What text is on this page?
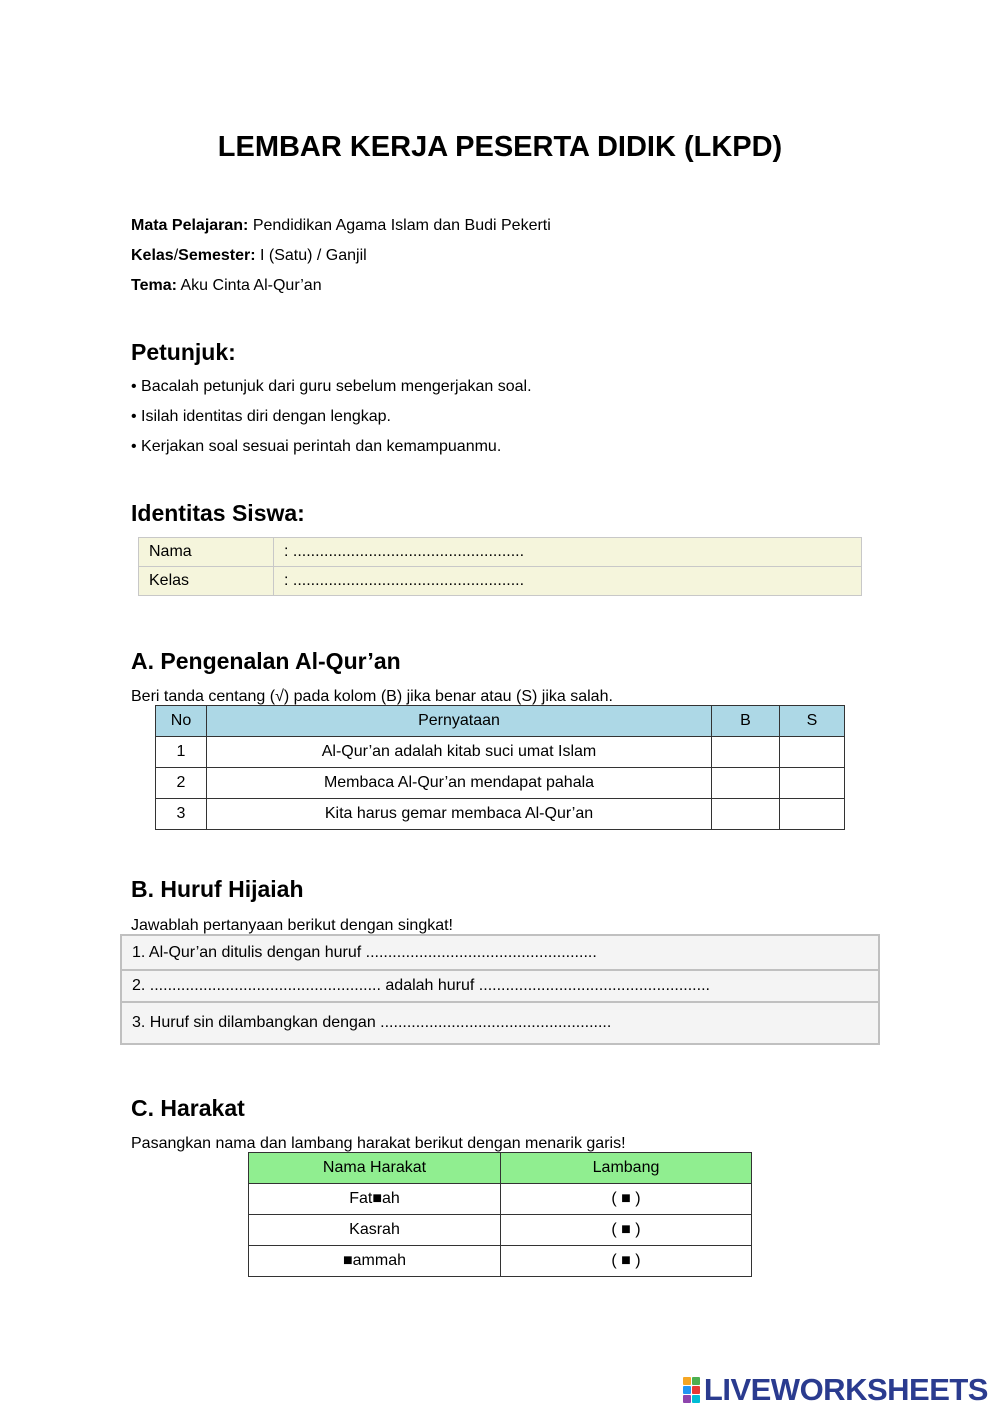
LEMBAR KERJA PESERTA DIDIK (LKPD)
Mata Pelajaran: Pendidikan Agama Islam dan Budi Pekerti
Kelas/Semester: I (Satu) / Ganjil
Tema: Aku Cinta Al-Qur’an
Petunjuk:
• Bacalah petunjuk dari guru sebelum mengerjakan soal.
• Isilah identitas diri dengan lengkap.
• Kerjakan soal sesuai perintah dan kemampuanmu.
Identitas Siswa:
Nama	: ....................................................
Kelas	: ....................................................
A. Pengenalan Al-Qur’an
Beri tanda centang (√) pada kolom (B) jika benar atau (S) jika salah.
No	Pernyataan	B	S
1	Al-Qur’an adalah kitab suci umat Islam		
2	Membaca Al-Qur’an mendapat pahala		
3	Kita harus gemar membaca Al-Qur’an		
B. Huruf Hijaiah
Jawablah pertanyaan berikut dengan singkat!
1. Al-Qur’an ditulis dengan huruf ....................................................
2. .................................................... adalah huruf ....................................................
3. Huruf sin dilambangkan dengan ....................................................
C. Harakat
Pasangkan nama dan lambang harakat berikut dengan menarik garis!
Nama Harakat	Lambang
Fat■ah	( ■ )
Kasrah	( ■ )
■ammah	( ■ )
LIVEWORKSHEETS
